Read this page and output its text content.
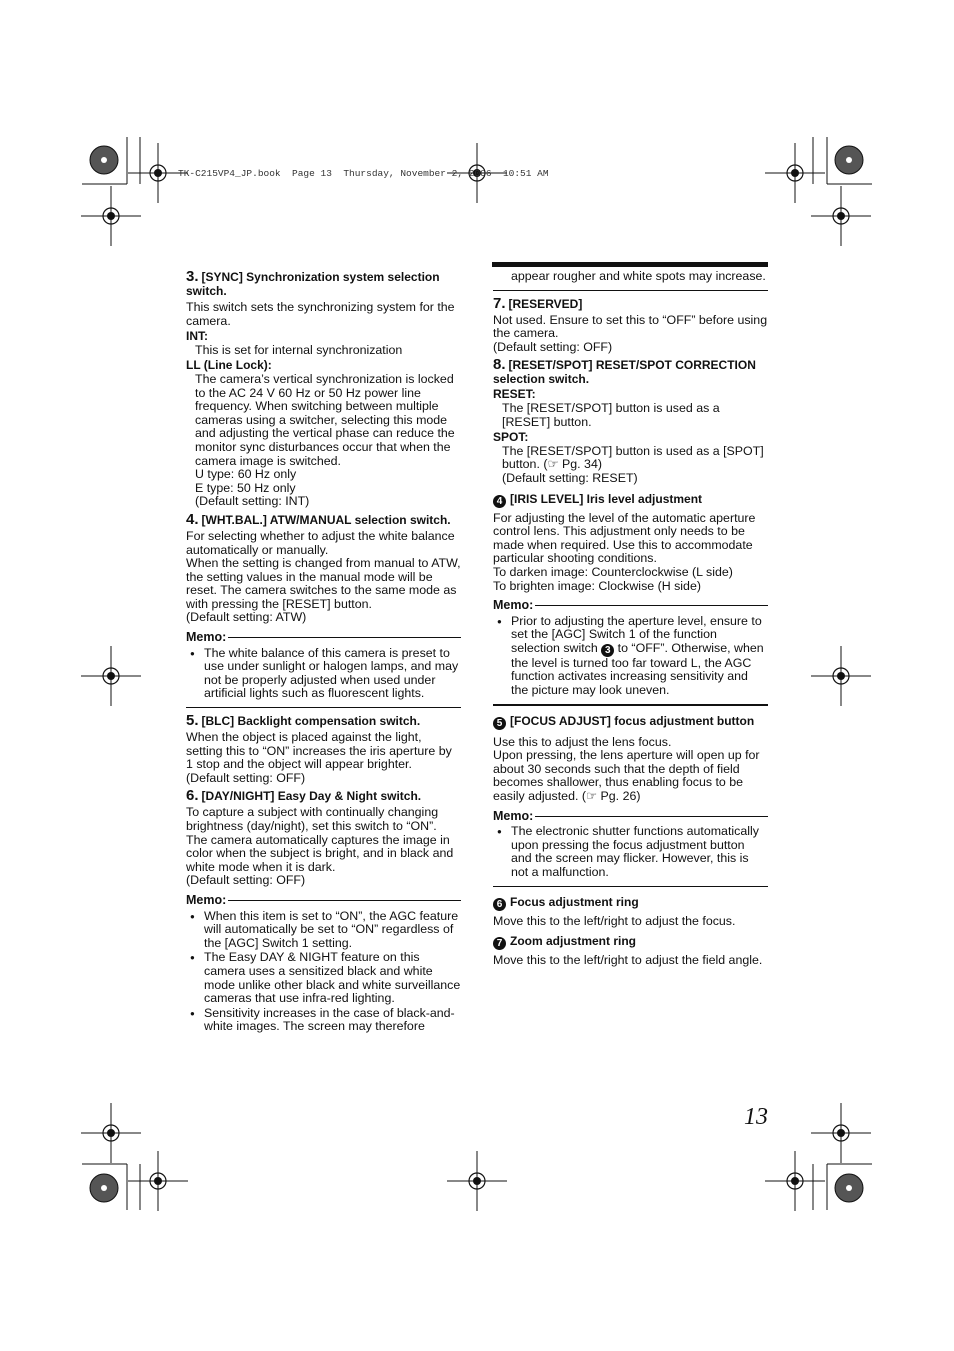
TK-C215VP4_JP.book  Page 13  Thursday, November 2, 2006  10:51 AM

3. [SYNC] Synchronization system selection switch.

This switch sets the synchronizing system for the camera.

INT:

This is set for internal synchronization

LL (Line Lock):

The camera’s vertical synchronization is locked to the AC 24 V 60 Hz or 50 Hz power line frequency. When switching between multiple cameras using a switcher, selecting this mode and adjusting the vertical phase can reduce the monitor sync disturbances occur that when the camera image is switched.

U type: 60 Hz only

E type: 50 Hz only

(Default setting: INT)

4. [WHT.BAL.] ATW/MANUAL selection switch.

For selecting whether to adjust the white balance automatically or manually.

When the setting is changed from manual to ATW, the setting values in the manual mode will be reset. The camera switches to the same mode as with pressing the [RESET] button.

(Default setting: ATW)

Memo:
● The white balance of this camera is preset to use under sunlight or halogen lamps, and may not be properly adjusted when used under artificial lights such as fluorescent lights.

5. [BLC] Backlight compensation switch.

When the object is placed against the light, setting this to “ON” increases the iris aperture by 1 stop and the object will appear brighter.

(Default setting: OFF)

6. [DAY/NIGHT] Easy Day & Night switch.

To capture a subject with continually changing brightness (day/night), set this switch to “ON”.

The camera automatically captures the image in color when the subject is bright, and in black and white mode when it is dark.

(Default setting: OFF)

Memo:
● When this item is set to “ON”, the AGC feature will automatically be set to “ON” regardless of the [AGC] Switch 1 setting.
● The Easy DAY & NIGHT feature on this camera uses a sensitized black and white mode unlike other black and white surveillance cameras that use infra-red lighting.
● Sensitivity increases in the case of black-and-white images. The screen may therefore

appear rougher and white spots may increase.

7. [RESERVED]

Not used. Ensure to set this to “OFF” before using the camera.

(Default setting: OFF)

8. [RESET/SPOT] RESET/SPOT CORRECTION selection switch.

RESET:

The [RESET/SPOT] button is used as a [RESET] button.

SPOT:

The [RESET/SPOT] button is used as a [SPOT] button. (☞ Pg. 34)

(Default setting: RESET)

4 [IRIS LEVEL] Iris level adjustment

For adjusting the level of the automatic aperture control lens. This adjustment only needs to be made when required. Use this to accommodate particular shooting conditions.

To darken image: Counterclockwise (L side)

To brighten image: Clockwise (H side)

Memo:
● Prior to adjusting the aperture level, ensure to set the [AGC] Switch 1 of the function selection switch 3 to “OFF”. Otherwise, when the level is turned too far toward L, the AGC function activates increasing sensitivity and the picture may look uneven.

5 [FOCUS ADJUST] focus adjustment button

Use this to adjust the lens focus.

Upon pressing, the lens aperture will open up for about 30 seconds such that the depth of field becomes shallower, thus enabling focus to be easily adjusted. (☞ Pg. 26)

Memo:
● The electronic shutter functions automatically upon pressing the focus adjustment button and the screen may flicker. However, this is not a malfunction.

6 Focus adjustment ring

Move this to the left/right to adjust the focus.

7 Zoom adjustment ring

Move this to the left/right to adjust the field angle.

13
